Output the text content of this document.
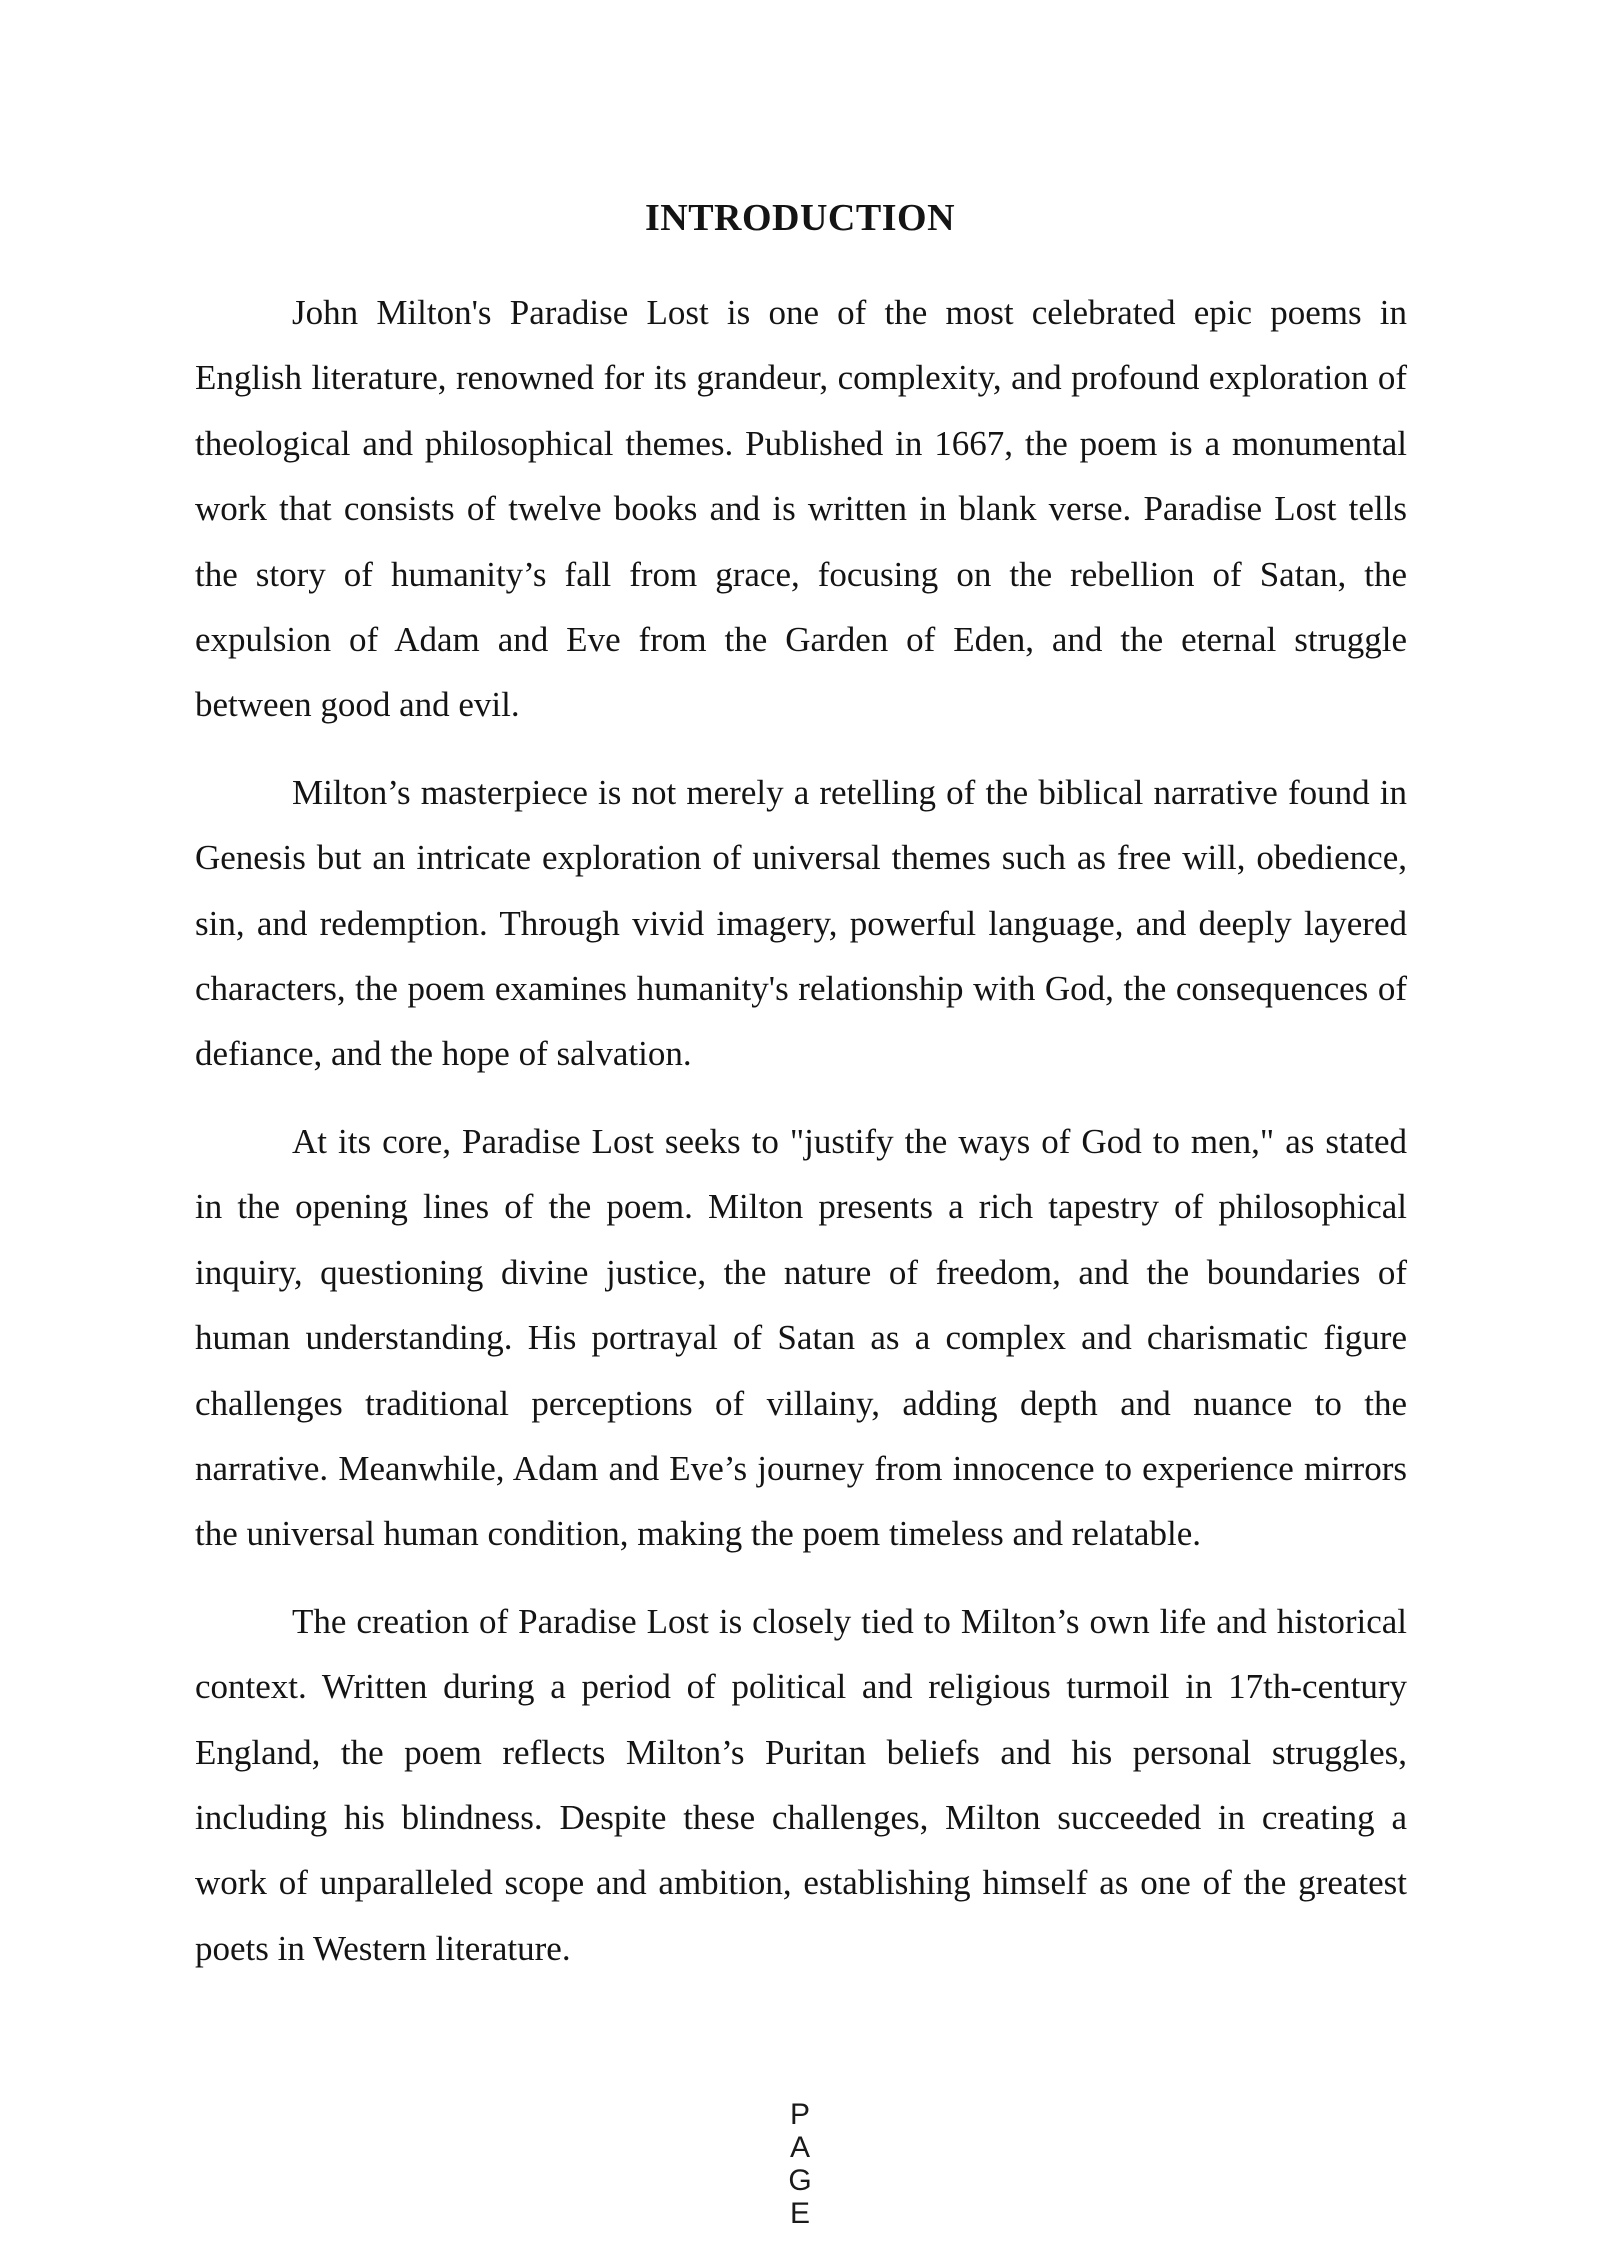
INTRODUCTION

John Milton's Paradise Lost is one of the most celebrated epic poems in English literature, renowned for its grandeur, complexity, and profound exploration of theological and philosophical themes. Published in 1667, the poem is a monumental work that consists of twelve books and is written in blank verse. Paradise Lost tells the story of humanity’s fall from grace, focusing on the rebellion of Satan, the expulsion of Adam and Eve from the Garden of Eden, and the eternal struggle between good and evil.

Milton’s masterpiece is not merely a retelling of the biblical narrative found in Genesis but an intricate exploration of universal themes such as free will, obedience, sin, and redemption. Through vivid imagery, powerful language, and deeply layered characters, the poem examines humanity's relationship with God, the consequences of defiance, and the hope of salvation.

At its core, Paradise Lost seeks to "justify the ways of God to men," as stated in the opening lines of the poem. Milton presents a rich tapestry of philosophical inquiry, questioning divine justice, the nature of freedom, and the boundaries of human understanding. His portrayal of Satan as a complex and charismatic figure challenges traditional perceptions of villainy, adding depth and nuance to the narrative. Meanwhile, Adam and Eve’s journey from innocence to experience mirrors the universal human condition, making the poem timeless and relatable.

The creation of Paradise Lost is closely tied to Milton’s own life and historical context. Written during a period of political and religious turmoil in 17th-century England, the poem reflects Milton’s Puritan beliefs and his personal struggles, including his blindness. Despite these challenges, Milton succeeded in creating a work of unparalleled scope and ambition, establishing himself as one of the greatest poets in Western literature.

P
A
G
E
